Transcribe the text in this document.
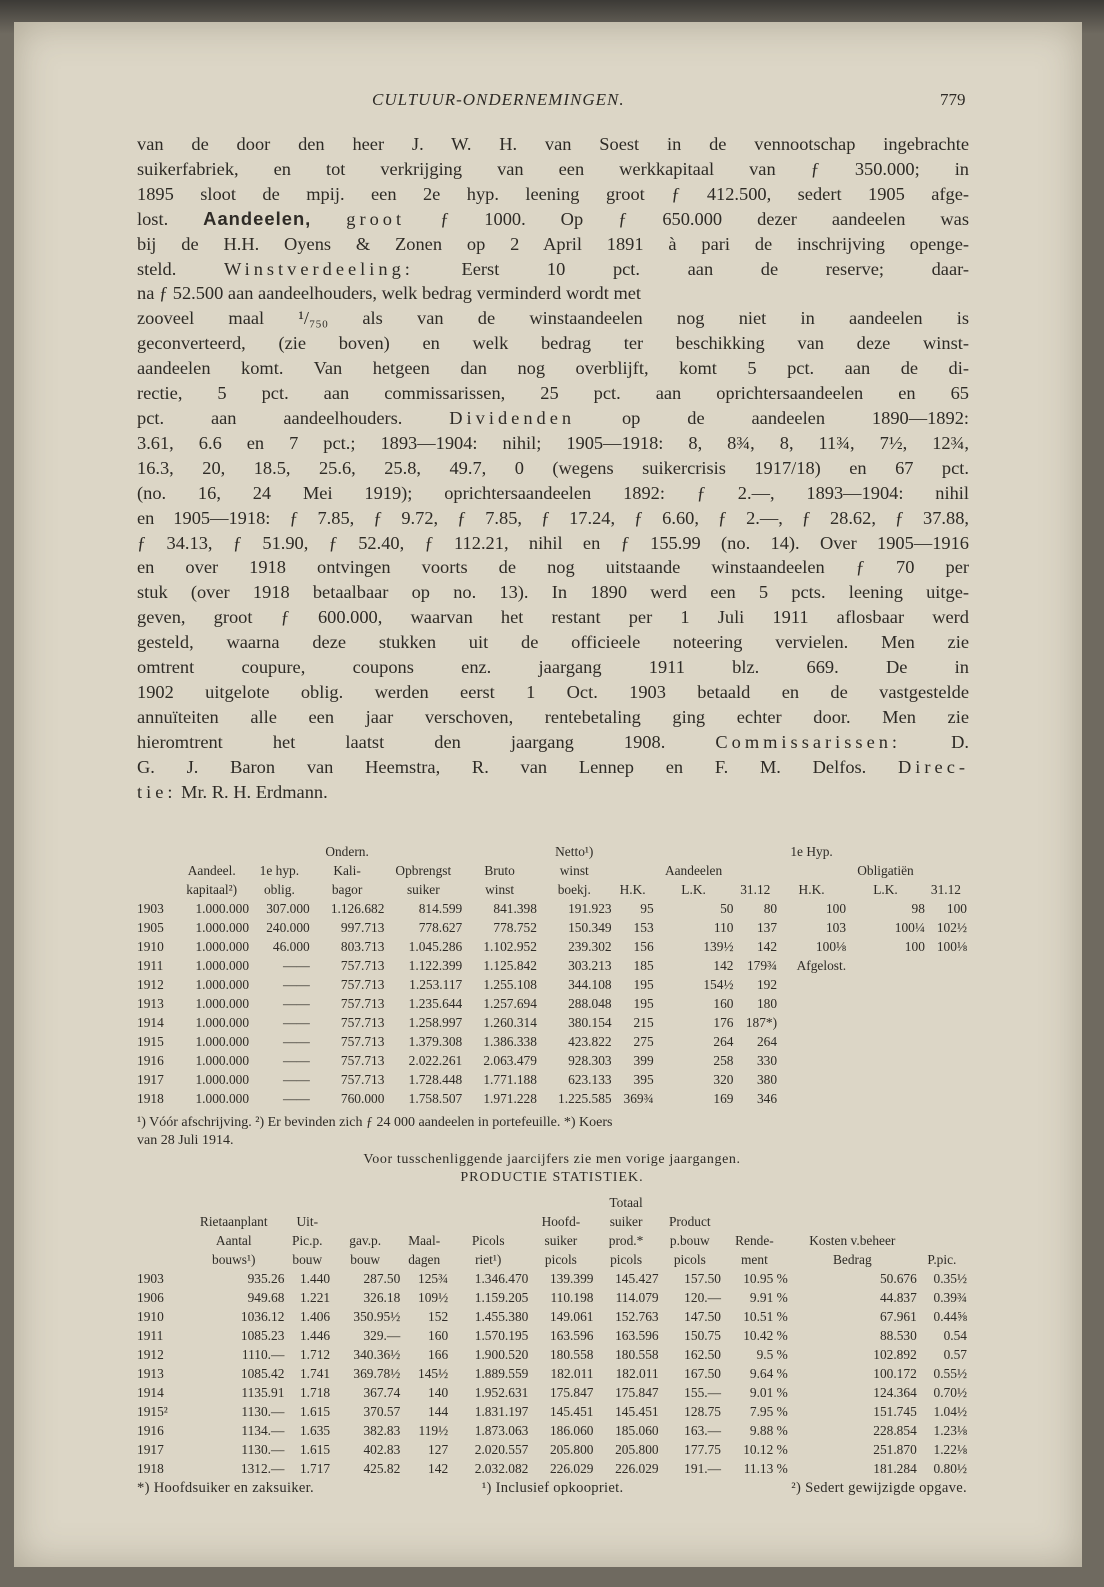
CULTUUR-ONDERNEMINGEN.	779

van de door den heer J. W. H. van Soest in de vennootschap ingebrachte

suikerfabriek, en tot verkrijging van een werkkapitaal van ƒ 350.000; in

1895 sloot de mpij. een 2e hyp. leening groot ƒ 412.500, sedert 1905 afge-

lost. Aandeelen, groot ƒ 1000. Op ƒ 650.000 dezer aandeelen was

bij de H.H. Oyens & Zonen op 2 April 1891 à pari de inschrijving openge-

steld. Winstverdeeling: Eerst 10 pct. aan de reserve; daar-

na ƒ 52.500 aan aandeelhouders, welk bedrag verminderd wordt met

zooveel maal ¹/₇₅₀ als van de winstaandeelen nog niet in aandeelen is

geconverteerd, (zie boven) en welk bedrag ter beschikking van deze winst-

aandeelen komt. Van hetgeen dan nog overblijft, komt 5 pct. aan de di-

rectie, 5 pct. aan commissarissen, 25 pct. aan oprichtersaandeelen en 65

pct. aan aandeelhouders. Dividenden op de aandeelen 1890—1892:

3.61, 6.6 en 7 pct.; 1893—1904: nihil; 1905—1918: 8, 8¾, 8, 11¾, 7½, 12¾,

16.3, 20, 18.5, 25.6, 25.8, 49.7, 0 (wegens suikercrisis 1917/18) en 67 pct.

(no. 16, 24 Mei 1919); oprichtersaandeelen 1892: ƒ 2.—, 1893—1904: nihil

en 1905—1918: ƒ 7.85, ƒ 9.72, ƒ 7.85, ƒ 17.24, ƒ 6.60, ƒ 2.—, ƒ 28.62, ƒ 37.88,

ƒ 34.13, ƒ 51.90, ƒ 52.40, ƒ 112.21, nihil en ƒ 155.99 (no. 14). Over 1905—1916

en over 1918 ontvingen voorts de nog uitstaande winstaandeelen ƒ 70 per

stuk (over 1918 betaalbaar op no. 13). In 1890 werd een 5 pcts. leening uitge-

geven, groot ƒ 600.000, waarvan het restant per 1 Juli 1911 aflosbaar werd

gesteld, waarna deze stukken uit de officieele noteering vervielen. Men zie

omtrent coupure, coupons enz. jaargang 1911 blz. 669. De in

1902 uitgelote oblig. werden eerst 1 Oct. 1903 betaald en de vastgestelde

annuïteiten alle een jaar verschoven, rentebetaling ging echter door. Men zie

hieromtrent het laatst den jaargang 1908. Commissarissen: D.

G. J. Baron van Heemstra, R. van Lennep en F. M. Delfos. Direc-

tie: Mr. R. H. Erdmann.

			Ondern.			Netto¹)				1e Hyp.		
	Aandeel.	1e hyp.	Kali-	Opbrengst	Bruto	winst		Aandeelen			Obligatiën	
	kapitaal²)	oblig.	bagor	suiker	winst	boekj.	H.K.	L.K.	31.12	H.K.	L.K.	31.12
1903	1.000.000	307.000	1.126.682	814.599	841.398	191.923	95	50	80	100	98	100
1905	1.000.000	240.000	997.713	778.627	778.752	150.349	153	110	137	103	100¼	102½
1910	1.000.000	46.000	803.713	1.045.286	1.102.952	239.302	156	139½	142	100⅛	100	100⅛
1911	1.000.000	——	757.713	1.122.399	1.125.842	303.213	185	142	179¾	Afgelost.		
1912	1.000.000	——	757.713	1.253.117	1.255.108	344.108	195	154½	192			
1913	1.000.000	——	757.713	1.235.644	1.257.694	288.048	195	160	180			
1914	1.000.000	——	757.713	1.258.997	1.260.314	380.154	215	176	187*)			
1915	1.000.000	——	757.713	1.379.308	1.386.338	423.822	275	264	264			
1916	1.000.000	——	757.713	2.022.261	2.063.479	928.303	399	258	330			
1917	1.000.000	——	757.713	1.728.448	1.771.188	623.133	395	320	380			
1918	1.000.000	——	760.000	1.758.507	1.971.228	1.225.585	369¾	169	346			
¹) Vóór afschrijving. ²) Er bevinden zich ƒ 24 000 aandeelen in portefeuille. *) Koers
van 28 Juli 1914.
Voor tusschenliggende jaarcijfers zie men vorige jaargangen.
PRODUCTIE STATISTIEK.
							Totaal				
	Rietaanplant	Uit-				Hoofd-	suiker	Product			
	Aantal	Pic.p.	gav.p.	Maal-	Picols	suiker	prod.*	p.bouw	Rende-	Kosten v.beheer	
	bouws¹)	bouw	bouw	dagen	riet¹)	picols	picols	picols	ment	Bedrag	P.pic.
1903	935.26	1.440	287.50	125¾	1.346.470	139.399	145.427	157.50	10.95 %	50.676	0.35½
1906	949.68	1.221	326.18	109½	1.159.205	110.198	114.079	120.—	9.91 %	44.837	0.39¾
1910	1036.12	1.406	350.95½	152	1.455.380	149.061	152.763	147.50	10.51 %	67.961	0.44⅝
1911	1085.23	1.446	329.—	160	1.570.195	163.596	163.596	150.75	10.42 %	88.530	0.54
1912	1110.—	1.712	340.36½	166	1.900.520	180.558	180.558	162.50	9.5 %	102.892	0.57
1913	1085.42	1.741	369.78½	145½	1.889.559	182.011	182.011	167.50	9.64 %	100.172	0.55½
1914	1135.91	1.718	367.74	140	1.952.631	175.847	175.847	155.—	9.01 %	124.364	0.70½
1915²	1130.—	1.615	370.57	144	1.831.197	145.451	145.451	128.75	7.95 %	151.745	1.04½
1916	1134.—	1.635	382.83	119½	1.873.063	186.060	185.060	163.—	9.88 %	228.854	1.23⅛
1917	1130.—	1.615	402.83	127	2.020.557	205.800	205.800	177.75	10.12 %	251.870	1.22⅛
1918	1312.—	1.717	425.82	142	2.032.082	226.029	226.029	191.—	11.13 %	181.284	0.80½
*) Hoofdsuiker en zaksuiker.	¹) Inclusief opkoopriet.	²) Sedert gewijzigde opgave.
